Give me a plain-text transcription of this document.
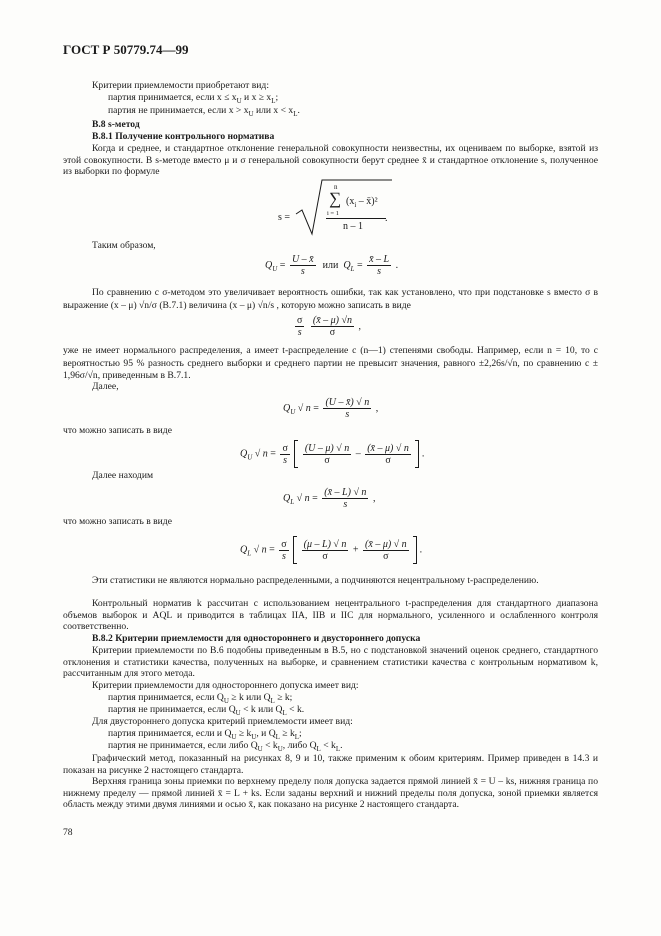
ГОСТ Р 50779.74—99
Критерии приемлемости приобретают вид:
партия принимается, если $x \le x_U$ и $x \ge x_L$;
партия не принимается, если $x > x_U$ или $x < x_L$.
В.8 s-метод
В.8.1 Получение контрольного норматива
Когда и среднее, и стандартное отклонение генеральной совокупности неизвестны, их оцениваем по выборке, взятой из этой совокупности. В s-методе вместо μ и σ генеральной совокупности берут среднее x̄ и стандартное отклонение s, полученное из выборки по формуле
s =
n
∑
i = 1
($x_i$ – x̄)²
n – 1
.
Таким образом,
$Q_U = \frac{U - x̄}{s}$ или $Q_L = \frac{x̄ - L}{s}$ .
По сравнению с σ-методом это увеличивает вероятность ошибки, так как установлено, что при подстановке s вместо σ в выражение (x – μ) √n/σ (В.7.1) величина (x – μ) √n/s , которую можно записать в виде
$\frac{\sigma}{s}$
$\frac{(x̄ - \mu) √n}{\sigma}$ ,
уже не имеет нормального распределения, а имеет t-распределение с (n—1) степенями свободы. Например, если n = 10, то с вероятностью 95 % разность среднего выборки и среднего партии не превысит значения, равного ±2,26s/√n, по сравнению с ± 1,96σ/√n, приведенным в В.7.1.
Далее,
$Q_U$ √ $n = \frac{(U - x̄) √ n}{s}$ ,
что можно записать в виде
$Q_U$ √ $n = \frac{\sigma}{s}$
$\frac{(U - \mu) √ n}{\sigma} - \frac{(x̄ - \mu) √ n}{\sigma}$ .
Далее находим
$Q_L$ √ $n = \frac{(x̄ - L) √ n}{s}$ ,
что можно записать в виде
$Q_L$ √ $n = \frac{\sigma}{s}$
$\frac{(\mu - L) √ n}{\sigma} + \frac{(x̄ - \mu) √ n}{\sigma}$ .
Эти статистики не являются нормально распределенными, а подчиняются нецентральному t-распределению.
Контрольный норматив k рассчитан с использованием нецентрального t-распределения для стандартного диапазона объемов выборок и AQL и приводится в таблицах IIA, IIB и IIC для нормального, усиленного и ослабленного контроля соответственно.
В.8.2 Критерии приемлемости для одностороннего и двустороннего допуска
Критерии приемлемости по В.6 подобны приведенным в В.5, но с подстановкой значений оценок среднего, стандартного отклонения и статистики качества, полученных на выборке, и сравнением статистики качества с контрольным нормативом k, рассчитанным для этого метода.
Критерии приемлемости для одностороннего допуска имеет вид:
партия принимается, если $Q_U \ge k$ или $Q_L \ge k$;
партия не принимается, если $Q_U < k$ или $Q_L < k$.
Для двустороннего допуска критерий приемлемости имеет вид:
партия принимается, если и $Q_U \ge k_U$, и $Q_L \ge k_L$;
партия не принимается, если либо $Q_U < k_U$, либо $Q_L < k_L$.
Графический метод, показанный на рисунках 8, 9 и 10, также применим к обоим критериям. Пример приведен в 14.3 и показан на рисунке 2 настоящего стандарта.
Верхняя граница зоны приемки по верхнему пределу поля допуска задается прямой линией x̄ = U – ks, нижняя граница по нижнему пределу — прямой линией x̄ = L + ks. Если заданы верхний и нижний пределы поля допуска, зоной приемки является область между этими двумя линиями и осью x̄, как показано на рисунке 2 настоящего стандарта.
78
